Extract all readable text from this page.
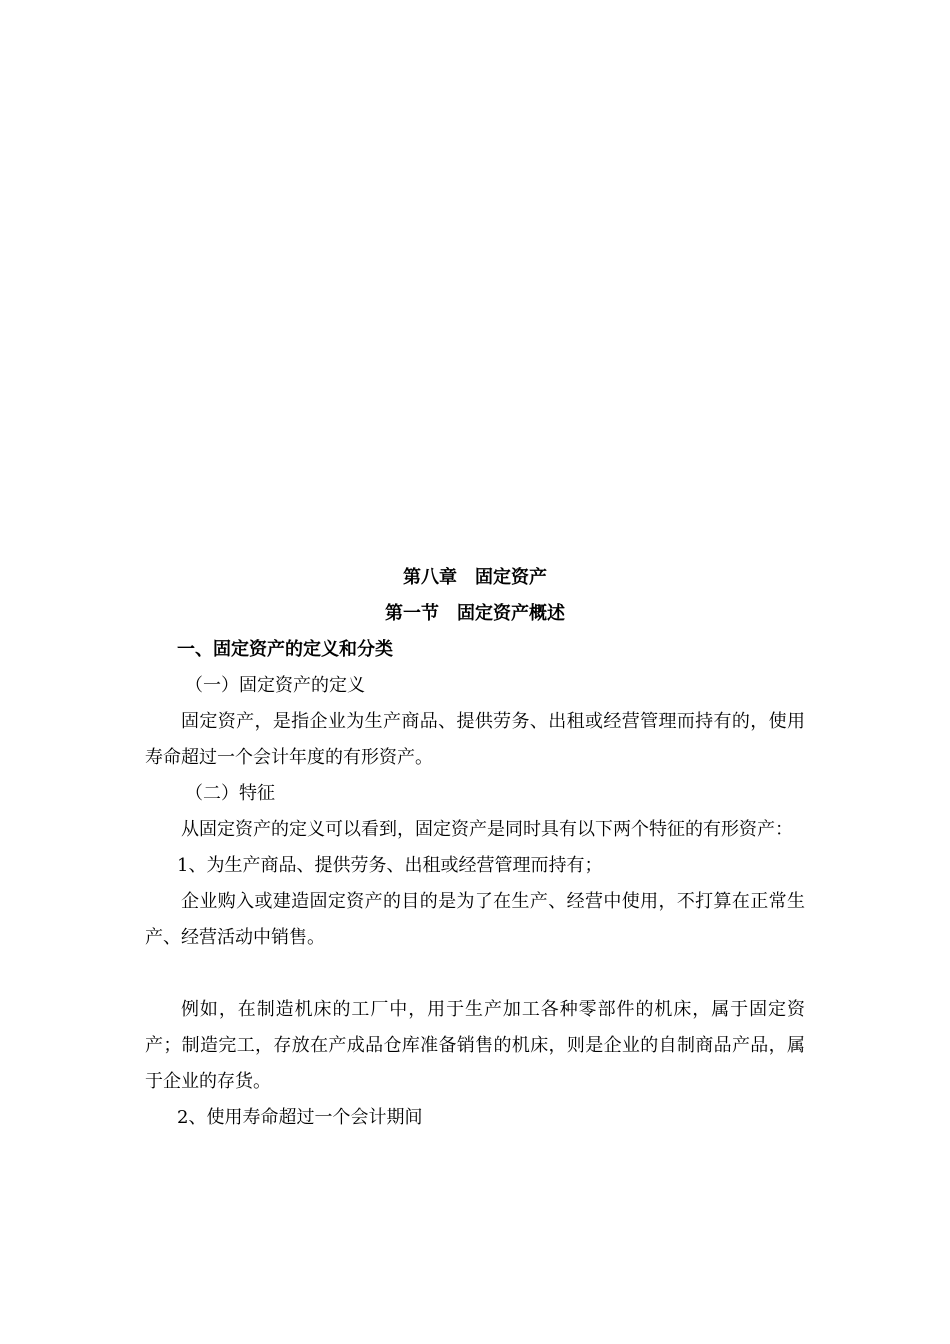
第八章　固定资产
第一节　固定资产概述
一、固定资产的定义和分类
（一）固定资产的定义
固定资产，是指企业为生产商品、提供劳务、出租或经营管理而持有的，使用寿命超过一个会计年度的有形资产。
（二）特征
从固定资产的定义可以看到，固定资产是同时具有以下两个特征的有形资产：
1、为生产商品、提供劳务、出租或经营管理而持有；
企业购入或建造固定资产的目的是为了在生产、经营中使用，不打算在正常生产、经营活动中销售。
例如，在制造机床的工厂中，用于生产加工各种零部件的机床，属于固定资产；制造完工，存放在产成品仓库准备销售的机床，则是企业的自制商品产品，属于企业的存货。
2、使用寿命超过一个会计期间
